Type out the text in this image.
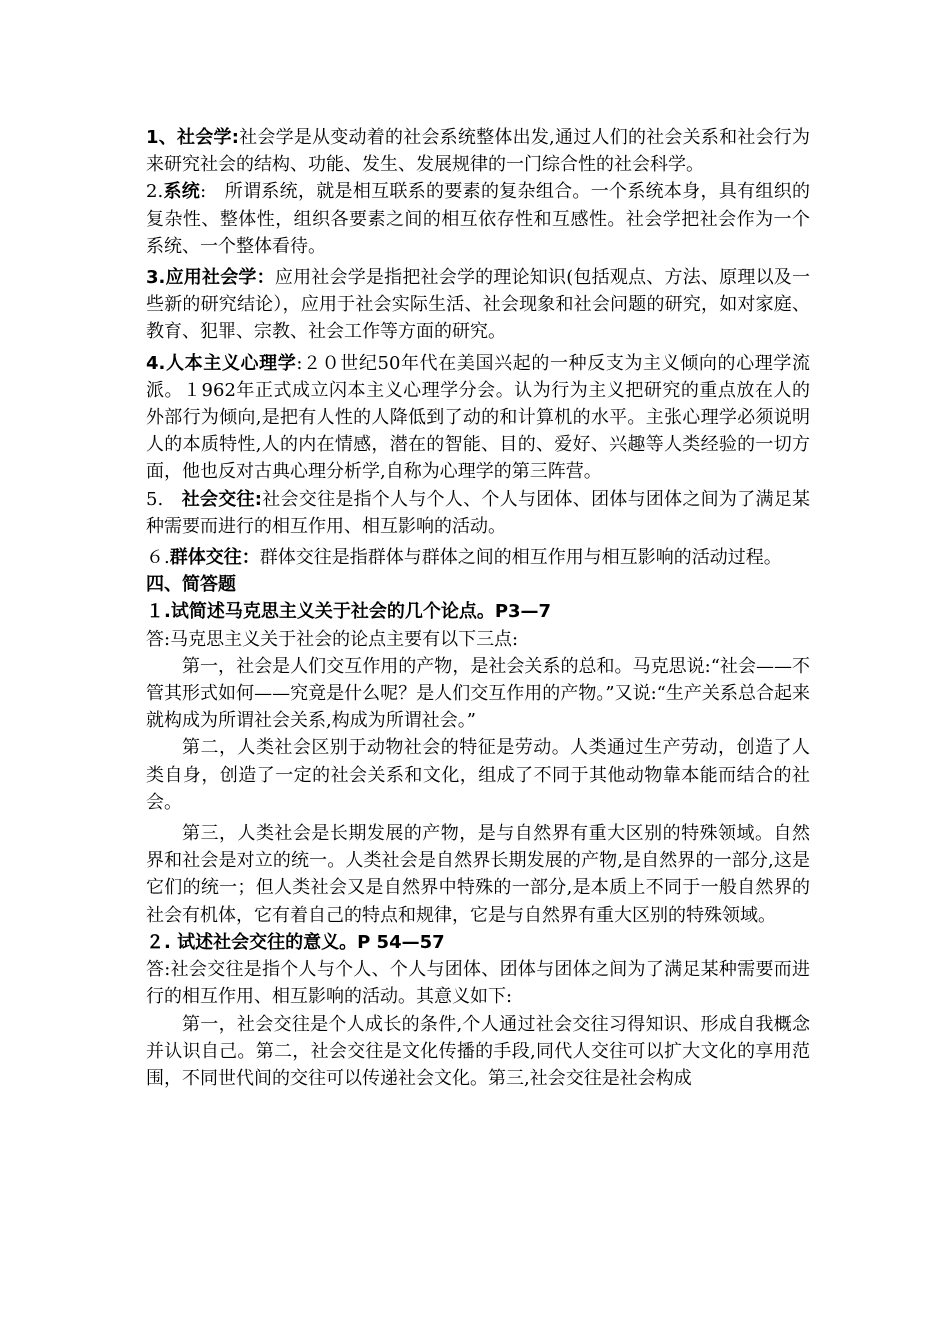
1、社会学:社会学是从变动着的社会系统整体出发,通过人们的社会关系和社会行为来研究社会的结构、功能、发生、发展规律的一门综合性的社会科学。

2.系统:　所谓系统，就是相互联系的要素的复杂组合。一个系统本身，具有组织的复杂性、整体性，组织各要素之间的相互依存性和互感性。社会学把社会作为一个系统、一个整体看待。

3.应用社会学：应用社会学是指把社会学的理论知识(包括观点、方法、原理以及一些新的研究结论），应用于社会实际生活、社会现象和社会问题的研究，如对家庭、教育、犯罪、宗教、社会工作等方面的研究。

4.人本主义心理学:２０世纪50年代在美国兴起的一种反支为主义倾向的心理学流派。１962年正式成立闪本主义心理学分会。认为行为主义把研究的重点放在人的外部行为倾向,是把有人性的人降低到了动的和计算机的水平。主张心理学必须说明人的本质特性,人的内在情感，潜在的智能、目的、爱好、兴趣等人类经验的一切方面，他也反对古典心理分析学,自称为心理学的第三阵营。

5.　社会交往:社会交往是指个人与个人、个人与团体、团体与团体之间为了满足某种需要而进行的相互作用、相互影响的活动。

６.群体交往：群体交往是指群体与群体之间的相互作用与相互影响的活动过程。

四、简答题

１.试简述马克思主义关于社会的几个论点。P3—7

答:马克思主义关于社会的论点主要有以下三点:

第一，社会是人们交互作用的产物，是社会关系的总和。马克思说:“社会——不管其形式如何——究竟是什么呢？是人们交互作用的产物。”又说:“生产关系总合起来就构成为所谓社会关系,构成为所谓社会。”

第二，人类社会区别于动物社会的特征是劳动。人类通过生产劳动，创造了人类自身，创造了一定的社会关系和文化，组成了不同于其他动物靠本能而结合的社会。

第三，人类社会是长期发展的产物，是与自然界有重大区别的特殊领域。自然界和社会是对立的统一。人类社会是自然界长期发展的产物,是自然界的一部分,这是它们的统一；但人类社会又是自然界中特殊的一部分,是本质上不同于一般自然界的社会有机体，它有着自己的特点和规律，它是与自然界有重大区别的特殊领域。

２. 试述社会交往的意义。P 54—57

答:社会交往是指个人与个人、个人与团体、团体与团体之间为了满足某种需要而进行的相互作用、相互影响的活动。其意义如下:

第一，社会交往是个人成长的条件,个人通过社会交往习得知识、形成自我概念并认识自己。第二，社会交往是文化传播的手段,同代人交往可以扩大文化的享用范围，不同世代间的交往可以传递社会文化。第三,社会交往是社会构成
